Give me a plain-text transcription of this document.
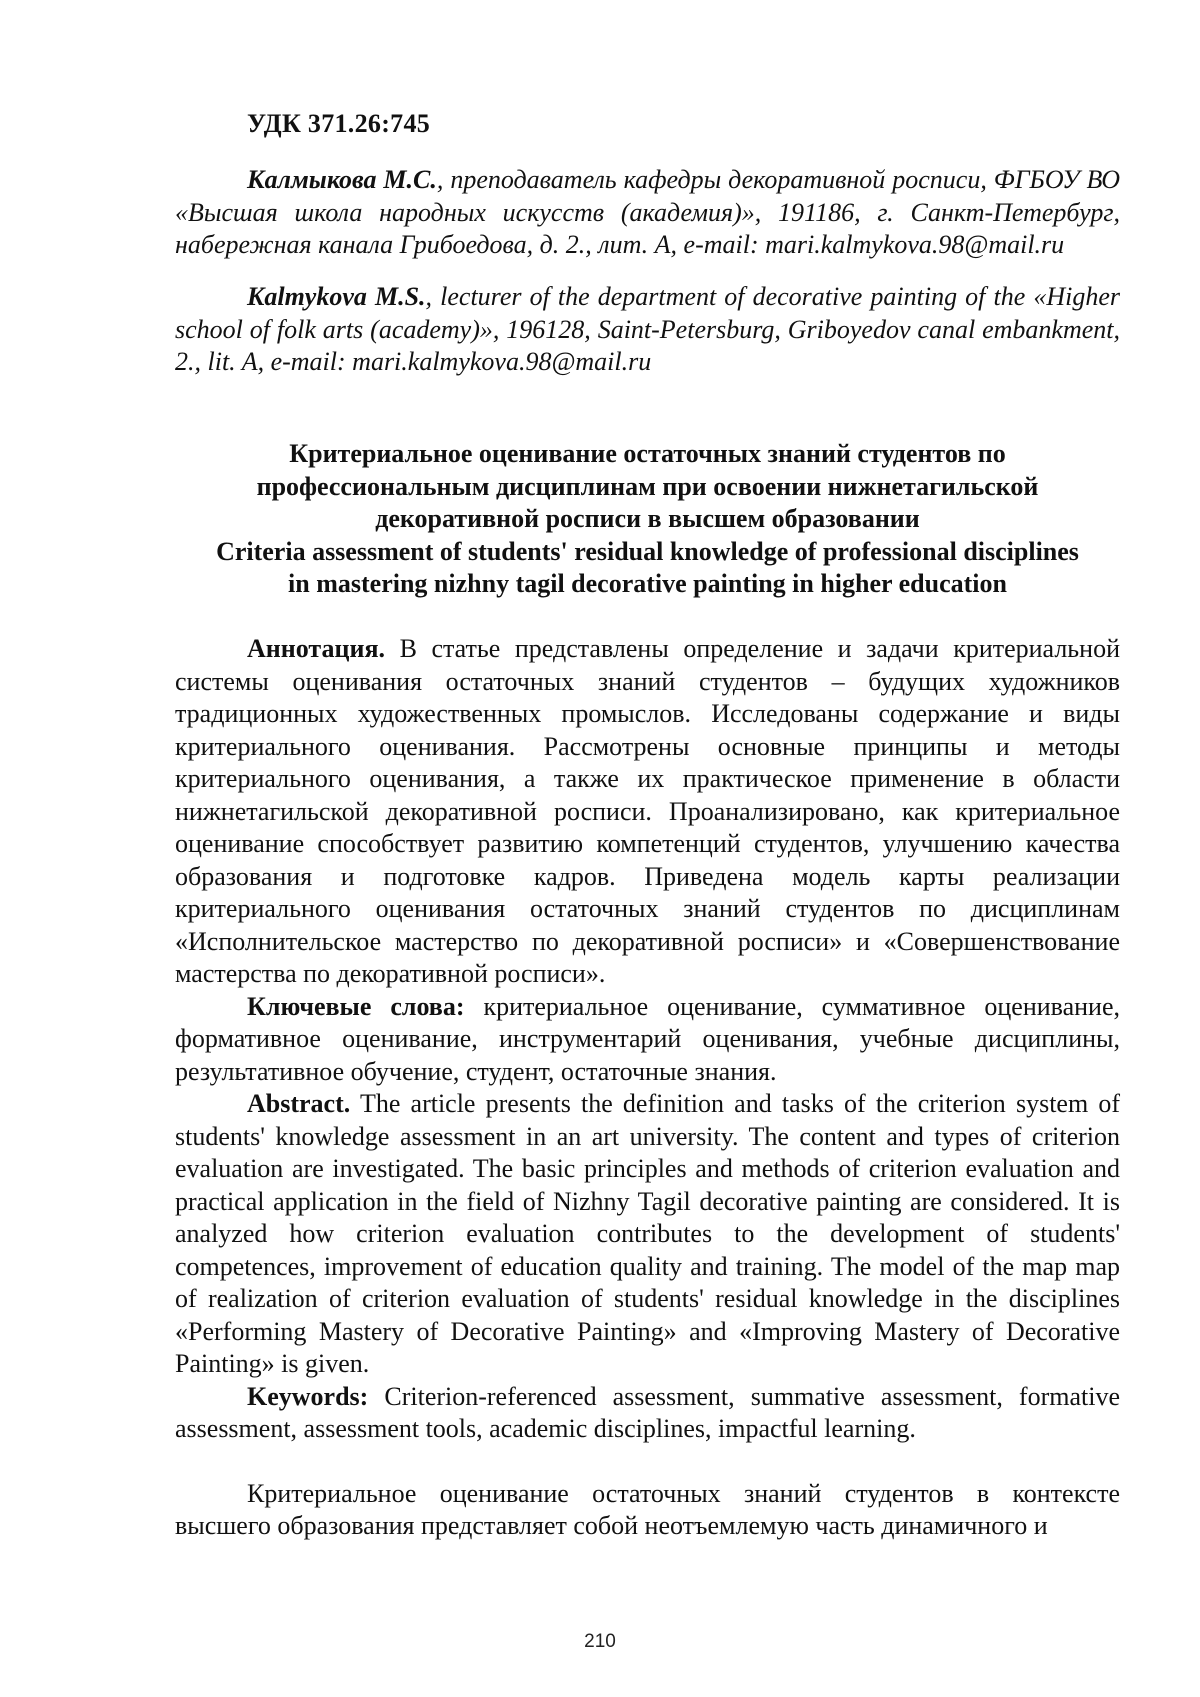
УДК 371.26:745
Калмыкова М.С., преподаватель кафедры декоративной росписи, ФГБОУ ВО «Высшая школа народных искусств (академия)», 191186, г. Санкт-Петербург, набережная канала Грибоедова, д. 2., лит. А, e-mail: mari.kalmykova.98@mail.ru
Kalmykova M.S., lecturer of the department of decorative painting of the «Higher school of folk arts (academy)», 196128, Saint-Petersburg, Griboyedov canal embankment, 2., lit. A, e-mail: mari.kalmykova.98@mail.ru
Критериальное оценивание остаточных знаний студентов по
профессиональным дисциплинам при освоении нижнетагильской
декоративной росписи в высшем образовании
Criteria assessment of students' residual knowledge of professional disciplines
in mastering nizhny tagil decorative painting in higher education

Аннотация. В статье представлены определение и задачи критериальной системы оценивания остаточных знаний студентов – будущих художников традиционных художественных промыслов. Исследованы содержание и виды критериального оценивания. Рассмотрены основные принципы и методы критериального оценивания, а также их практическое применение в области нижнетагильской декоративной росписи. Проанализировано, как критериальное оценивание способствует развитию компетенций студентов, улучшению качества образования и подготовке кадров. Приведена модель карты реализации критериального оценивания остаточных знаний студентов по дисциплинам «Исполнительское мастерство по декоративной росписи» и «Совершенствование мастерства по декоративной росписи».

Ключевые слова: критериальное оценивание, суммативное оценивание, формативное оценивание, инструментарий оценивания, учебные дисциплины, результативное обучение, студент, остаточные знания.

Abstract. The article presents the definition and tasks of the criterion system of students' knowledge assessment in an art university. The content and types of criterion evaluation are investigated. The basic principles and methods of criterion evaluation and practical application in the field of Nizhny Tagil decorative painting are considered. It is analyzed how criterion evaluation contributes to the development of students' competences, improvement of education quality and training. The model of the map map of realization of criterion evaluation of students' residual knowledge in the disciplines «Performing Mastery of Decorative Painting» and «Improving Mastery of Decorative Painting» is given.

Keywords: Criterion-referenced assessment, summative assessment, formative assessment, assessment tools, academic disciplines, impactful learning.

Критериальное оценивание остаточных знаний студентов в контексте высшего образования представляет собой неотъемлемую часть динамичного и

210
